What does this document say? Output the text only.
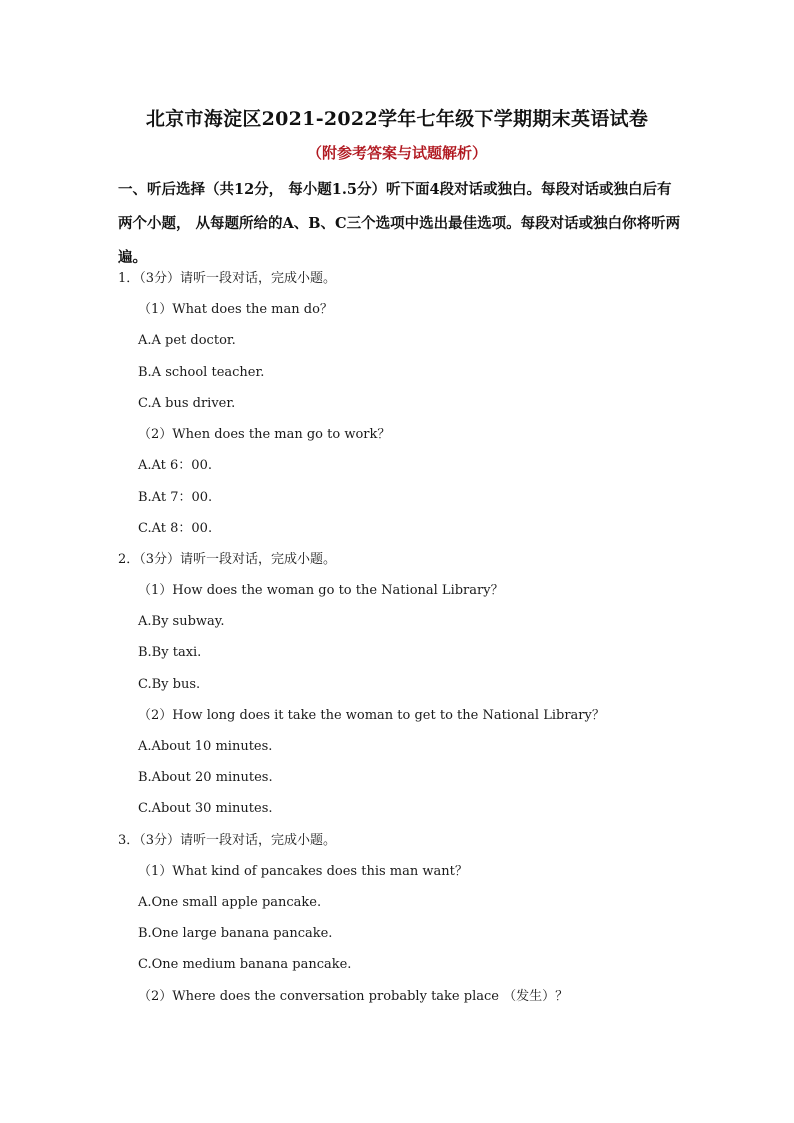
北京市海淀区2021-2022学年七年级下学期期末英语试卷
（附参考答案与试题解析）
一、听后选择（共12分， 每小题1.5分）听下面4段对话或独白。每段对话或独白后有
两个小题， 从每题所给的A、B、C三个选项中选出最佳选项。每段对话或独白你将听两
遍。
1．（3分）请听一段对话，完成小题。
（1）What does the man do？
A.A pet doctor.
B.A school teacher.
C.A bus driver.
（2）When does the man go to work？
A.At 6：00.
B.At 7：00.
C.At 8：00.
2．（3分）请听一段对话，完成小题。
（1）How does the woman go to the National Library？
A.By subway.
B.By taxi.
C.By bus.
（2）How long does it take the woman to get to the National Library？
A.About 10 minutes.
B.About 20 minutes.
C.About 30 minutes.
3．（3分）请听一段对话，完成小题。
（1）What kind of pancakes does this man want？
A.One small apple pancake.
B.One large banana pancake.
C.One medium banana pancake.
（2）Where does the conversation probably take place （发生）？
